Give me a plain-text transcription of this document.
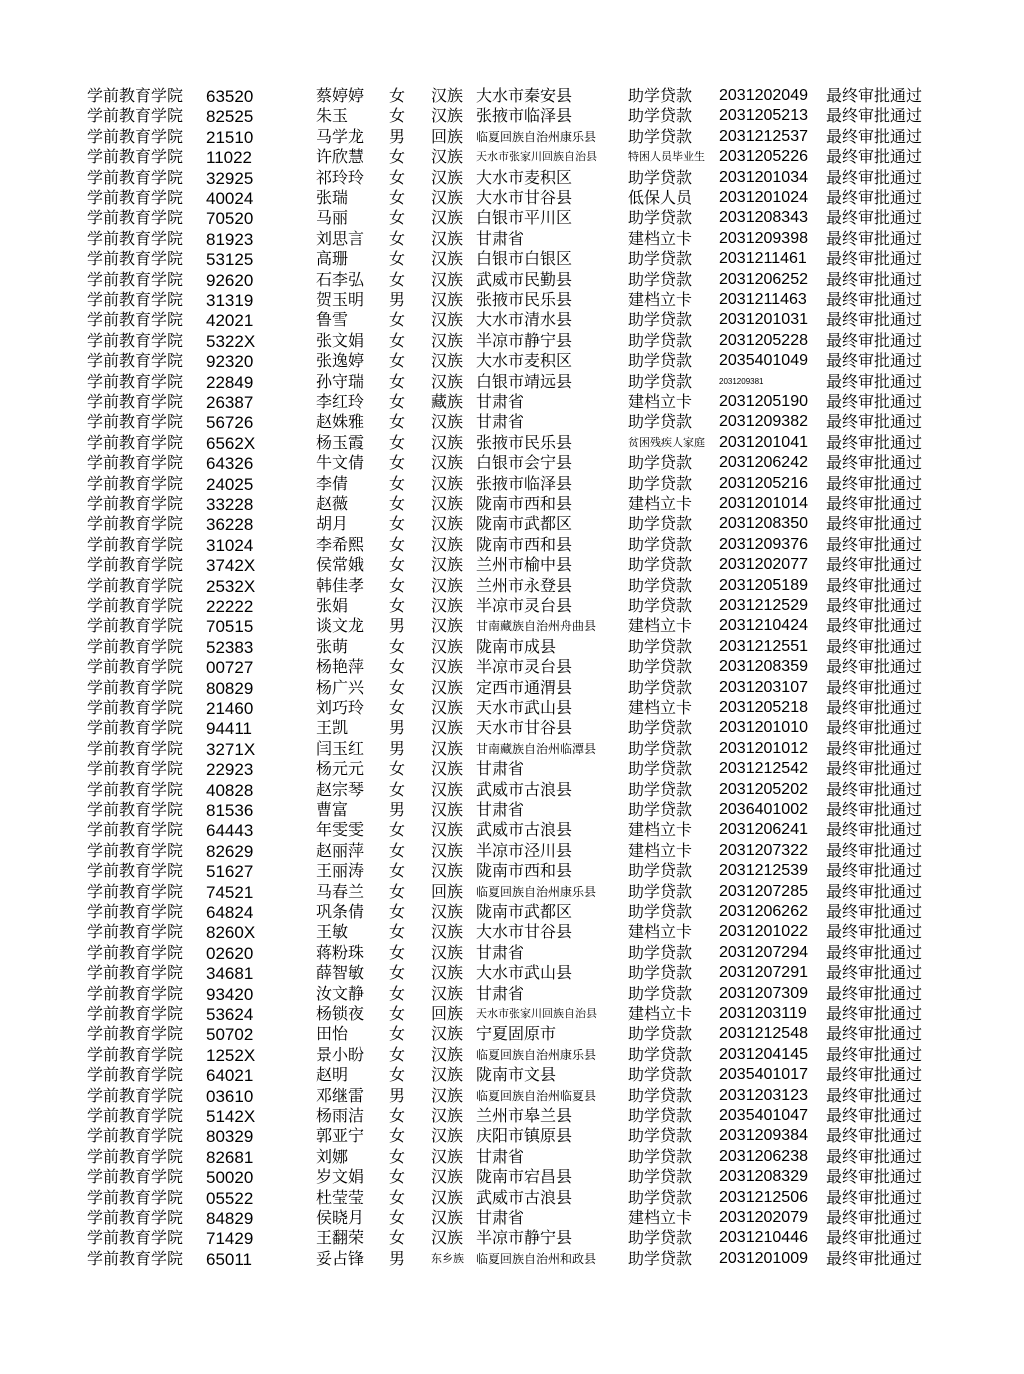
学前教育学院 63520	蔡婷婷 女 汉族 大水市秦安县	助学贷款 2031202049 最终审批通过
学前教育学院 82525	朱玉	女 汉族 张掖市临泽县	助学贷款 2031205213 最终审批通过
学前教育学院 21510	马学龙 男 回族 临夏回族自治州康乐县 助学贷款 2031212537 最终审批通过
学前教育学院 11022	许欣慧 女 汉族 天水市张家川回族自治县	特困人员毕业生 2031205226 最终审批通过
学前教育学院 32925	祁玲玲 女 汉族 大水市麦积区	助学贷款 2031201034 最终审批通过
学前教育学院 40024	张瑞	女 汉族 大水市甘谷县	低保人员 2031201024 最终审批通过
学前教育学院 70520	马丽	女 汉族 白银市平川区	助学贷款 2031208343 最终审批通过
学前教育学院 81923	刘思言 女 汉族 甘肃省	建档立卡 2031209398 最终审批通过
学前教育学院 53125	高珊	女 汉族 白银市白银区	助学贷款 2031211461 最终审批通过
学前教育学院 92620	石李弘 女 汉族 武威市民勤县	助学贷款 2031206252 最终审批通过
学前教育学院 31319	贺玉明 男 汉族 张掖市民乐县	建档立卡 2031211463 最终审批通过
学前教育学院 42021	鲁雪	女 汉族 大水市清水县	助学贷款 2031201031 最终审批通过
学前教育学院 5322X	张文娟 女 汉族 半凉市静宁县	助学贷款 2031205228 最终审批通过
学前教育学院 92320	张逸婷 女 汉族 大水市麦积区	助学贷款 2035401049 最终审批通过
学前教育学院 22849	孙守瑞 女 汉族 白银市靖远县	助学贷款	2031209381	最终审批通过
学前教育学院 26387	李红玲 女 藏族 甘肃省	建档立卡 2031205190 最终审批通过
学前教育学院 56726	赵姝雅 女 汉族 甘肃省	助学贷款 2031209382 最终审批通过
学前教育学院 6562X	杨玉霞 女 汉族 张掖市民乐县	贫困残疾人家庭 2031201041 最终审批通过
学前教育学院 64326	牛文倩 女 汉族 白银市会宁县	助学贷款 2031206242 最终审批通过
学前教育学院 24025	李倩	女 汉族 张掖市临泽县	助学贷款 2031205216 最终审批通过
学前教育学院 33228	赵薇	女 汉族 陇南市西和县	建档立卡 2031201014 最终审批通过
学前教育学院 36228	胡月	女 汉族 陇南市武都区	助学贷款 2031208350 最终审批通过
学前教育学院 31024	李希熙 女 汉族 陇南市西和县	助学贷款 2031209376 最终审批通过
学前教育学院 3742X	侯常娥 女 汉族 兰州市榆中县	助学贷款 2031202077 最终审批通过
学前教育学院 2532X	韩佳孝 女 汉族 兰州市永登县	助学贷款 2031205189 最终审批通过
学前教育学院 22222	张娟	女 汉族 半凉市灵台县	助学贷款 2031212529 最终审批通过
学前教育学院 70515	谈文龙 男 汉族 甘南藏族自治州舟曲县 建档立卡 2031210424 最终审批通过
学前教育学院 52383	张萌	女 汉族 陇南市成县	助学贷款 2031212551 最终审批通过
学前教育学院 00727	杨艳萍 女 汉族 半凉市灵台县	助学贷款 2031208359 最终审批通过
学前教育学院 80829	杨广兴 女 汉族 定西市通渭县	助学贷款 2031203107 最终审批通过
学前教育学院 21460	刘巧玲 女 汉族 天水市武山县	建档立卡 2031205218 最终审批通过
学前教育学院 94411	王凯	男 汉族 天水市甘谷县	助学贷款 2031201010 最终审批通过
学前教育学院 3271X	闫玉红 男 汉族 甘南藏族自治州临潭县 助学贷款 2031201012 最终审批通过
学前教育学院 22923	杨元元 女 汉族 甘肃省	助学贷款 2031212542 最终审批通过
学前教育学院 40828	赵宗琴 女 汉族 武威市古浪县	助学贷款 2031205202 最终审批通过
学前教育学院 81536	曹富	男 汉族 甘肃省	助学贷款 2036401002 最终审批通过
学前教育学院 64443	年雯雯 女 汉族 武威市古浪县	建档立卡 2031206241 最终审批通过
学前教育学院 82629	赵丽萍 女 汉族 半凉市泾川县	建档立卡 2031207322 最终审批通过
学前教育学院 51627	王丽涛 女 汉族 陇南市西和县	助学贷款 2031212539 最终审批通过
学前教育学院 74521	马春兰 女 回族 临夏回族自治州康乐县 助学贷款 2031207285 最终审批通过
学前教育学院 64824	巩条倩 女 汉族 陇南市武都区	助学贷款 2031206262 最终审批通过
学前教育学院 8260X	王敏	女 汉族 大水市甘谷县	建档立卡 2031201022 最终审批通过
学前教育学院 02620	蒋粉珠 女 汉族 甘肃省	助学贷款 2031207294 最终审批通过
学前教育学院 34681	薛智敏 女 汉族 大水市武山县	助学贷款 2031207291 最终审批通过
学前教育学院 93420	汝文静 女 汉族 甘肃省	助学贷款 2031207309 最终审批通过
学前教育学院 53624	杨锁夜 女 回族 天水市张家川回族自治县 建档立卡 2031203119 最终审批通过
学前教育学院 50702	田怡	女 汉族 宁夏固原市	助学贷款 2031212548 最终审批通过
学前教育学院 1252X	景小盼 女 汉族 临夏回族自治州康乐县 助学贷款 2031204145 最终审批通过
学前教育学院 64021	赵明	女 汉族 陇南市文县	助学贷款 2035401017 最终审批通过
学前教育学院 03610	邓继雷 男 汉族 临夏回族自治州临夏县 助学贷款 2031203123 最终审批通过
学前教育学院 5142X	杨雨洁 女 汉族 兰州市皋兰县	助学贷款 2035401047 最终审批通过
学前教育学院 80329	郭亚宁 女 汉族 庆阳市镇原县	助学贷款 2031209384 最终审批通过
学前教育学院 82681	刘娜	女 汉族 甘肃省	助学贷款 2031206238 最终审批通过
学前教育学院 50020	岁文娟 女 汉族 陇南市宕昌县	助学贷款 2031208329 最终审批通过
学前教育学院 05522	杜莹莹 女 汉族 武威市古浪县	助学贷款 2031212506 最终审批通过
学前教育学院 84829	侯晓月 女 汉族 甘肃省	建档立卡 2031202079 最终审批通过
学前教育学院 71429	王翻荣 女 汉族 半凉市静宁县	助学贷款 2031210446 最终审批通过
学前教育学院 65011	妥占锋 男 东乡族 临夏回族自治州和政县 助学贷款 2031201009 最终审批通过
